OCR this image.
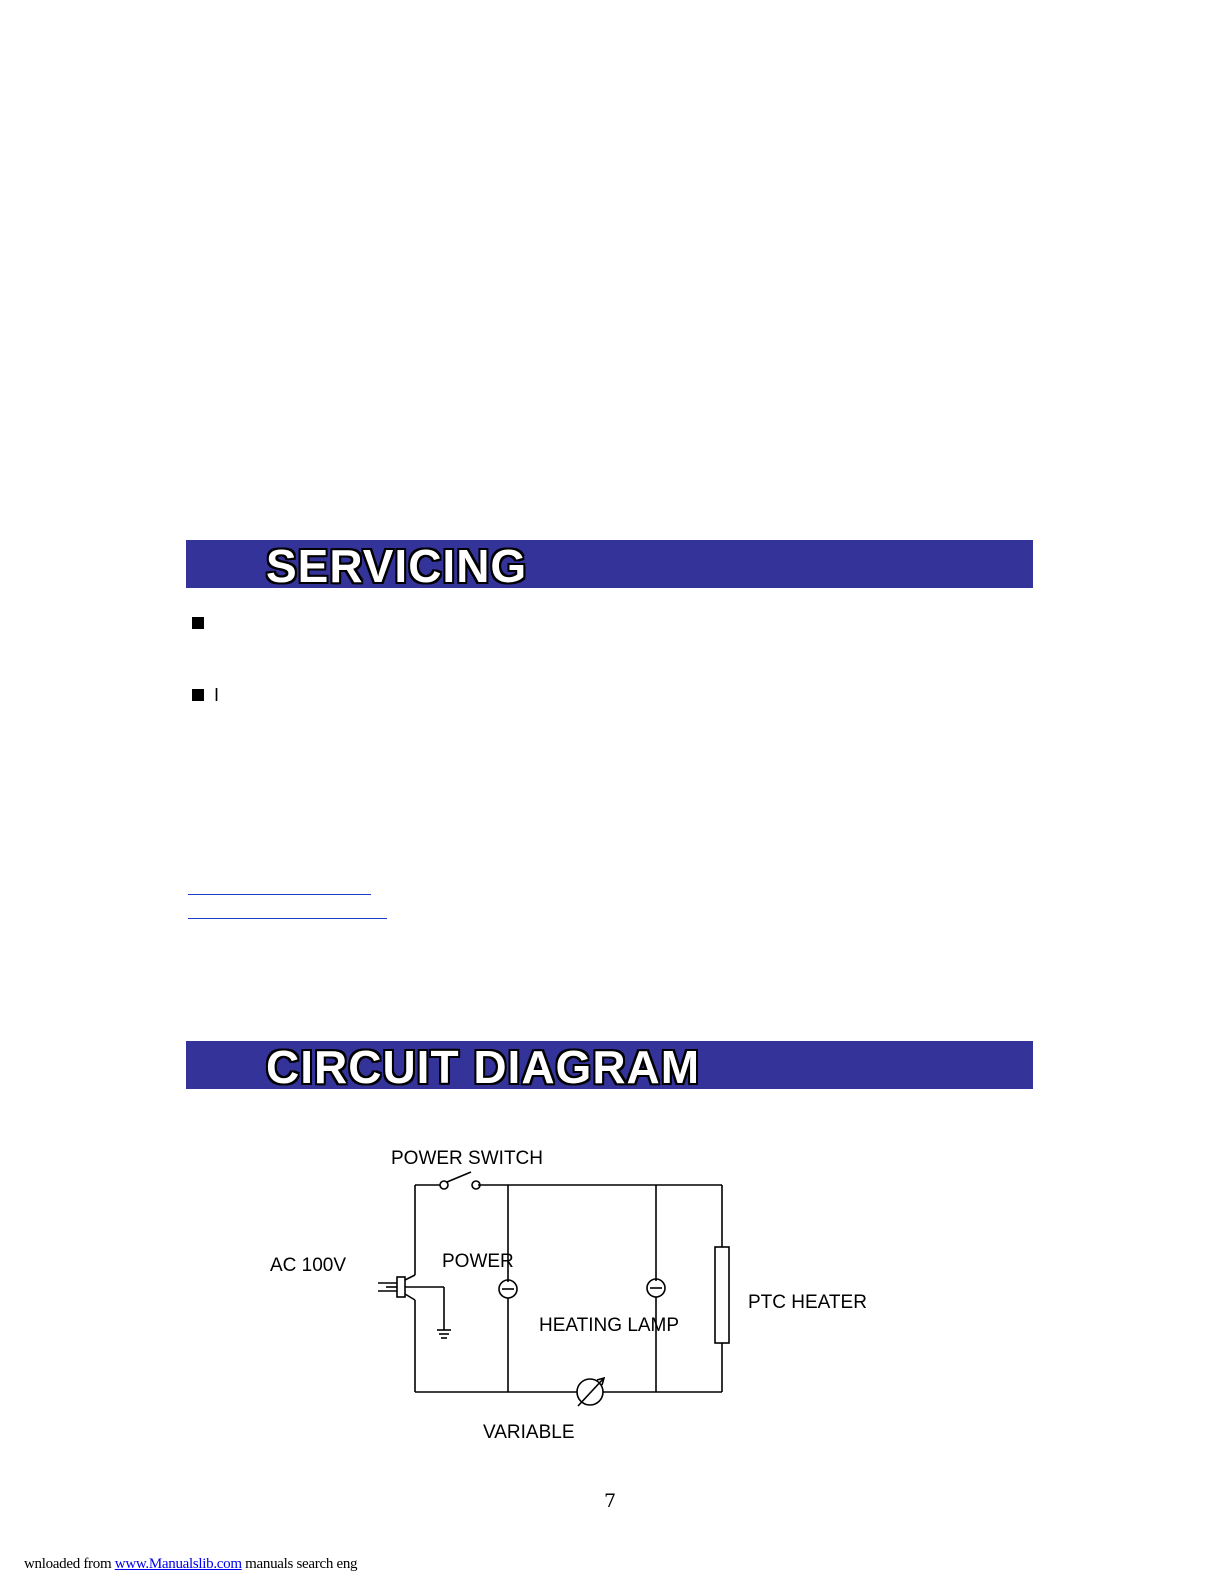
SERVICING
I
CIRCUIT DIAGRAM
POWER SWITCH
AC 100V	POWER
HEATING LAMP
PTC HEATER
VARIABLE
7
wnloaded from www.Manualslib.com manuals search eng
